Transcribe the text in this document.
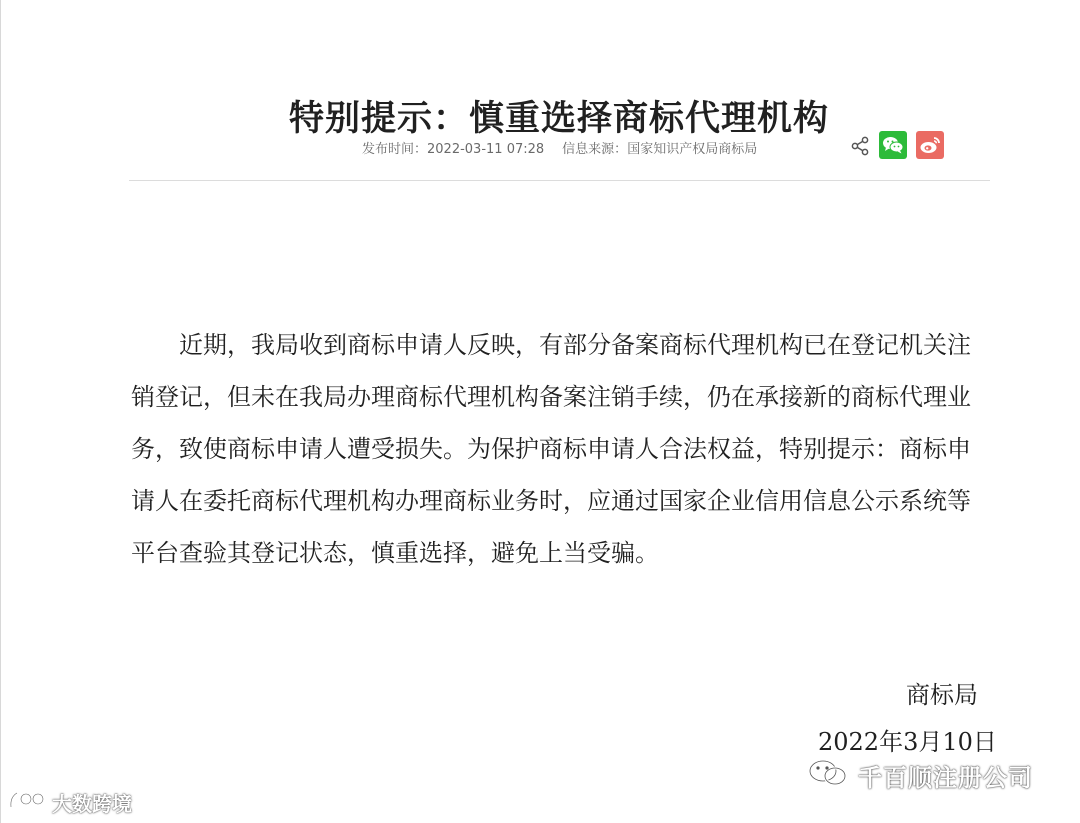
特别提示：慎重选择商标代理机构
发布时间：2022-03-11 07:28 信息来源：国家知识产权局商标局

近期，我局收到商标申请人反映，有部分备案商标代理机构已在登记机关注销登记，但未在我局办理商标代理机构备案注销手续，仍在承接新的商标代理业务，致使商标申请人遭受损失。为保护商标申请人合法权益，特别提示：商标申请人在委托商标代理机构办理商标业务时，应通过国家企业信用信息公示系统等平台查验其登记状态，慎重选择，避免上当受骗。

商标局
2022年3月10日
大数跨境
千百顺注册公司
